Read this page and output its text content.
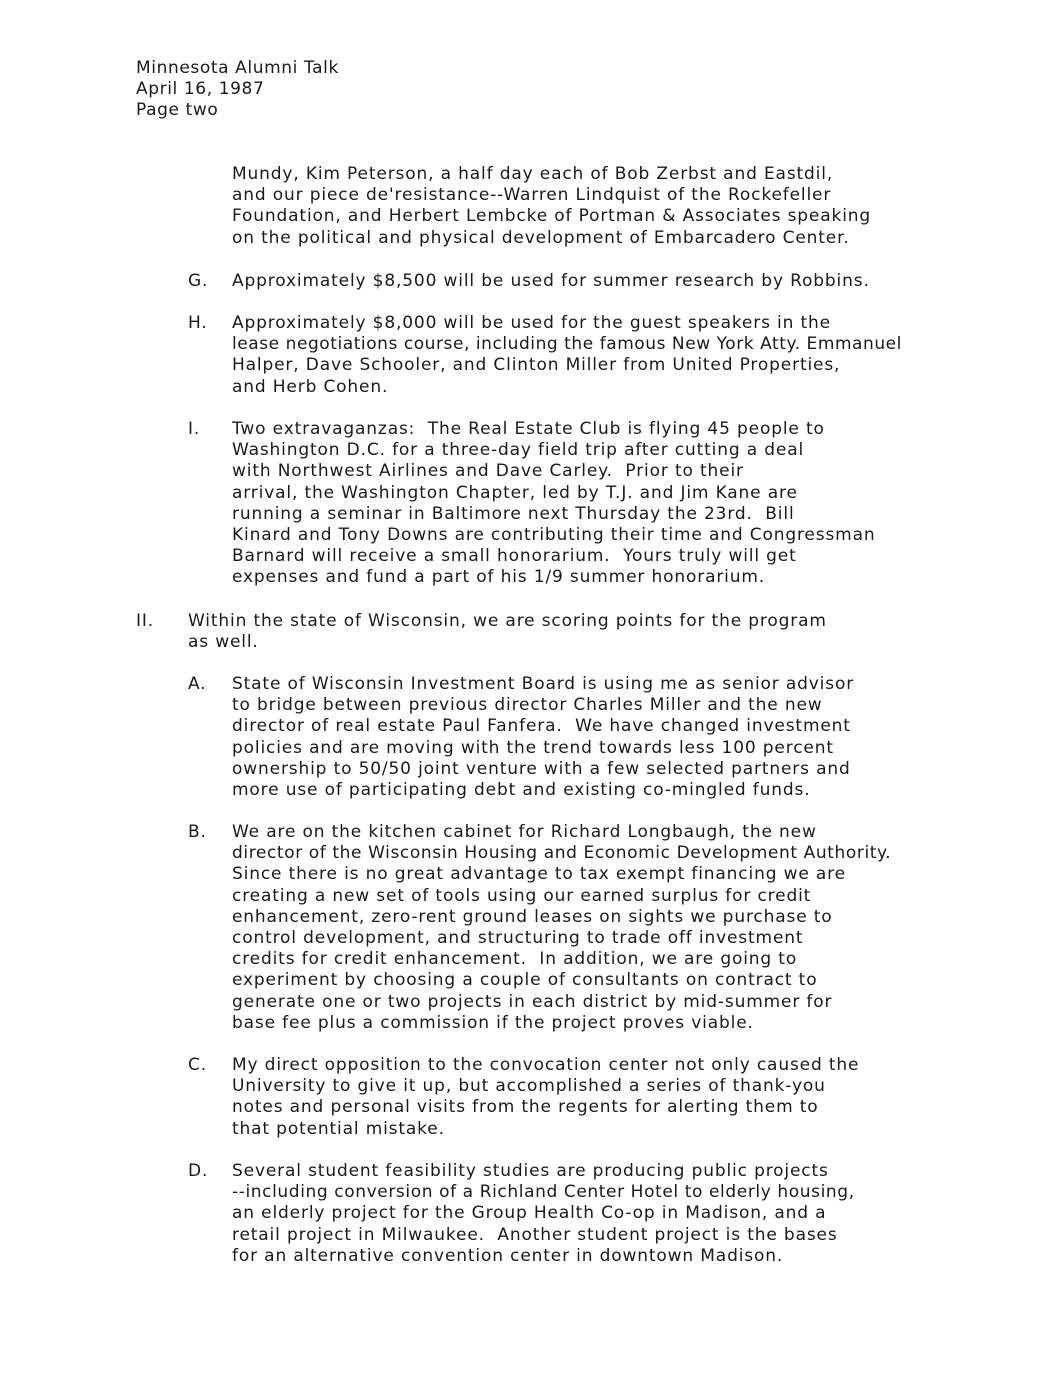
Minnesota Alumni Talk
April 16, 1987
Page two
Mundy, Kim Peterson, a half day each of Bob Zerbst and Eastdil,
and our piece de'resistance--Warren Lindquist of the Rockefeller
Foundation, and Herbert Lembcke of Portman & Associates speaking
on the political and physical development of Embarcadero Center.
G. Approximately $8,500 will be used for summer research by Robbins.
H. Approximately $8,000 will be used for the guest speakers in the
lease negotiations course, including the famous New York Atty. Emmanuel
Halper, Dave Schooler, and Clinton Miller from United Properties,
and Herb Cohen.
I. Two extravaganzas:  The Real Estate Club is flying 45 people to
Washington D.C. for a three-day field trip after cutting a deal
with Northwest Airlines and Dave Carley.  Prior to their
arrival, the Washington Chapter, led by T.J. and Jim Kane are
running a seminar in Baltimore next Thursday the 23rd.  Bill
Kinard and Tony Downs are contributing their time and Congressman
Barnard will receive a small honorarium.  Yours truly will get
expenses and fund a part of his 1/9 summer honorarium.
II. Within the state of Wisconsin, we are scoring points for the program
as well.
A. State of Wisconsin Investment Board is using me as senior advisor
to bridge between previous director Charles Miller and the new
director of real estate Paul Fanfera.  We have changed investment
policies and are moving with the trend towards less 100 percent
ownership to 50/50 joint venture with a few selected partners and
more use of participating debt and existing co-mingled funds.
B. We are on the kitchen cabinet for Richard Longbaugh, the new
director of the Wisconsin Housing and Economic Development Authority.
Since there is no great advantage to tax exempt financing we are
creating a new set of tools using our earned surplus for credit
enhancement, zero-rent ground leases on sights we purchase to
control development, and structuring to trade off investment
credits for credit enhancement.  In addition, we are going to
experiment by choosing a couple of consultants on contract to
generate one or two projects in each district by mid-summer for
base fee plus a commission if the project proves viable.
C. My direct opposition to the convocation center not only caused the
University to give it up, but accomplished a series of thank-you
notes and personal visits from the regents for alerting them to
that potential mistake.
D. Several student feasibility studies are producing public projects
--including conversion of a Richland Center Hotel to elderly housing,
an elderly project for the Group Health Co-op in Madison, and a
retail project in Milwaukee.  Another student project is the bases
for an alternative convention center in downtown Madison.
